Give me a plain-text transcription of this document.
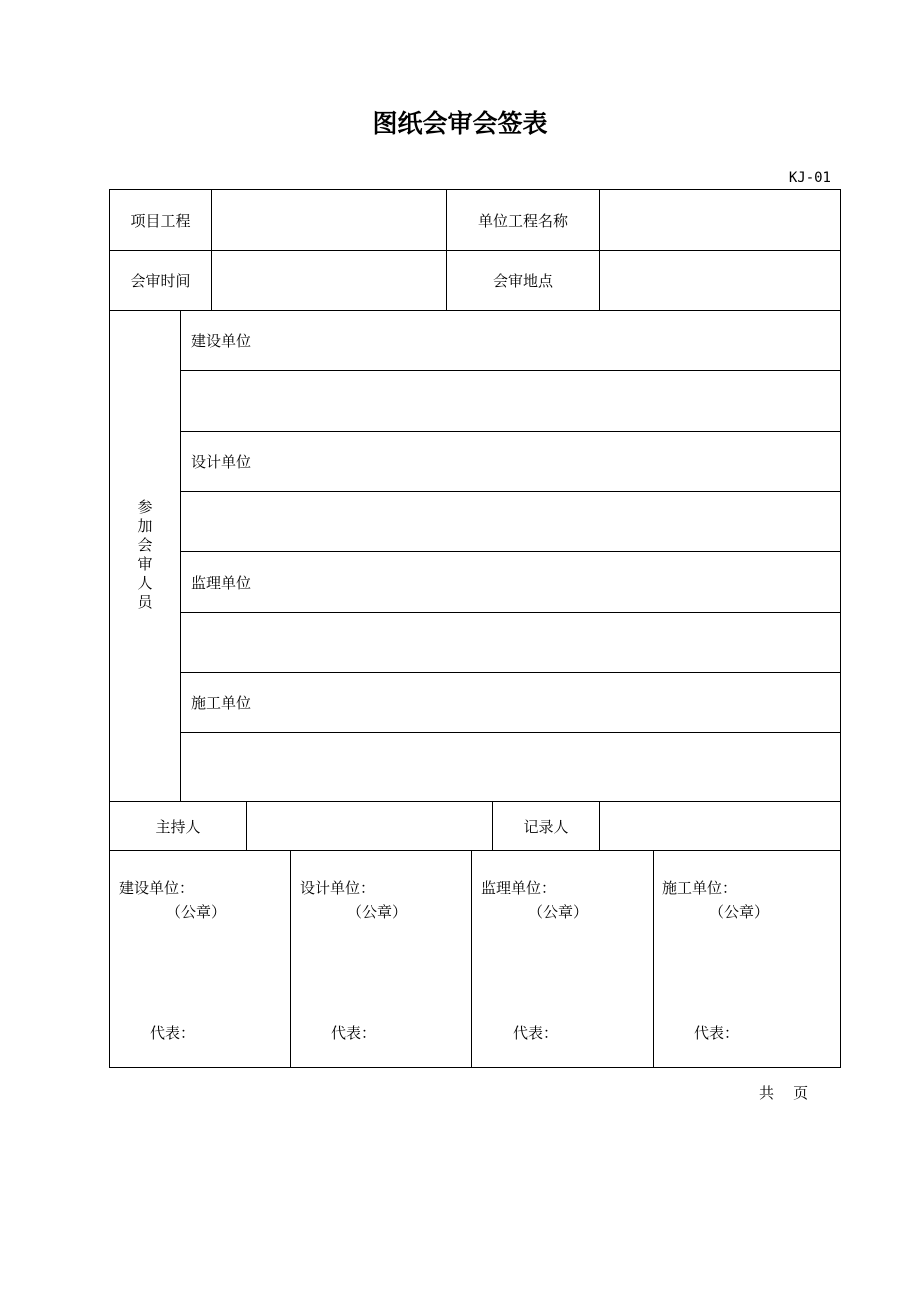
图纸会审会签表
KJ-01
项目工程	单位工程名称
会审时间	会审地点
参加会审人员
建设单位
设计单位
监理单位
施工单位
主持人	记录人
建设单位：
（公章）
代表：
设计单位：
（公章）
代表：
监理单位：
（公章）
代表：
施工单位：
（公章）
代表：
共    页
